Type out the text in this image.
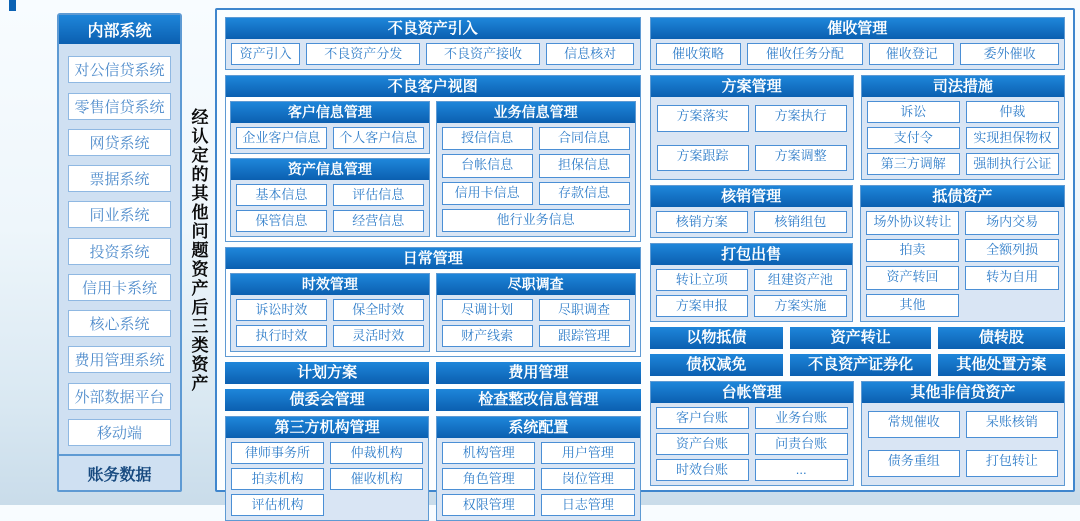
内部系统
对公信贷系统
零售信贷系统
网贷系统
票据系统
同业系统
投资系统
信用卡系统
核心系统
费用管理系统
外部数据平台
移动端
账务数据
经认定的其他问题资产后三类资产
不良资产引入
资产引入	不良资产分发	不良资产接收	信息核对
不良客户视图
客户信息管理
企业客户信息	个人客户信息
资产信息管理
基本信息	评估信息
保管信息	经营信息
业务信息管理
授信信息	合同信息
台帐信息	担保信息
信用卡信息	存款信息
他行业务信息
日常管理
时效管理
诉讼时效	保全时效
执行时效	灵活时效
尽职调查
尽调计划	尽职调查
财产线索	跟踪管理
计划方案	费用管理
债委会管理	检查整改信息管理
第三方机构管理
律师事务所	仲裁机构
拍卖机构	催收机构
评估机构
系统配置
机构管理	用户管理
角色管理	岗位管理
权限管理	日志管理
催收管理
催收策略	催收任务分配	催收登记	委外催收
方案管理
方案落实	方案执行
方案跟踪	方案调整
司法措施
诉讼	仲裁
支付令	实现担保物权
第三方调解	强制执行公证
核销管理
核销方案	核销组包
打包出售
转让立项	组建资产池
方案申报	方案实施
抵债资产
场外协议转让	场内交易
拍卖	全额列损
资产转回	转为自用
其他
以物抵债	资产转让	债转股
债权减免	不良资产证券化	其他处置方案
台帐管理
客户台账	业务台账
资产台账	问责台账
时效台账	...
其他非信贷资产
常规催收	呆账核销
债务重组	打包转让
